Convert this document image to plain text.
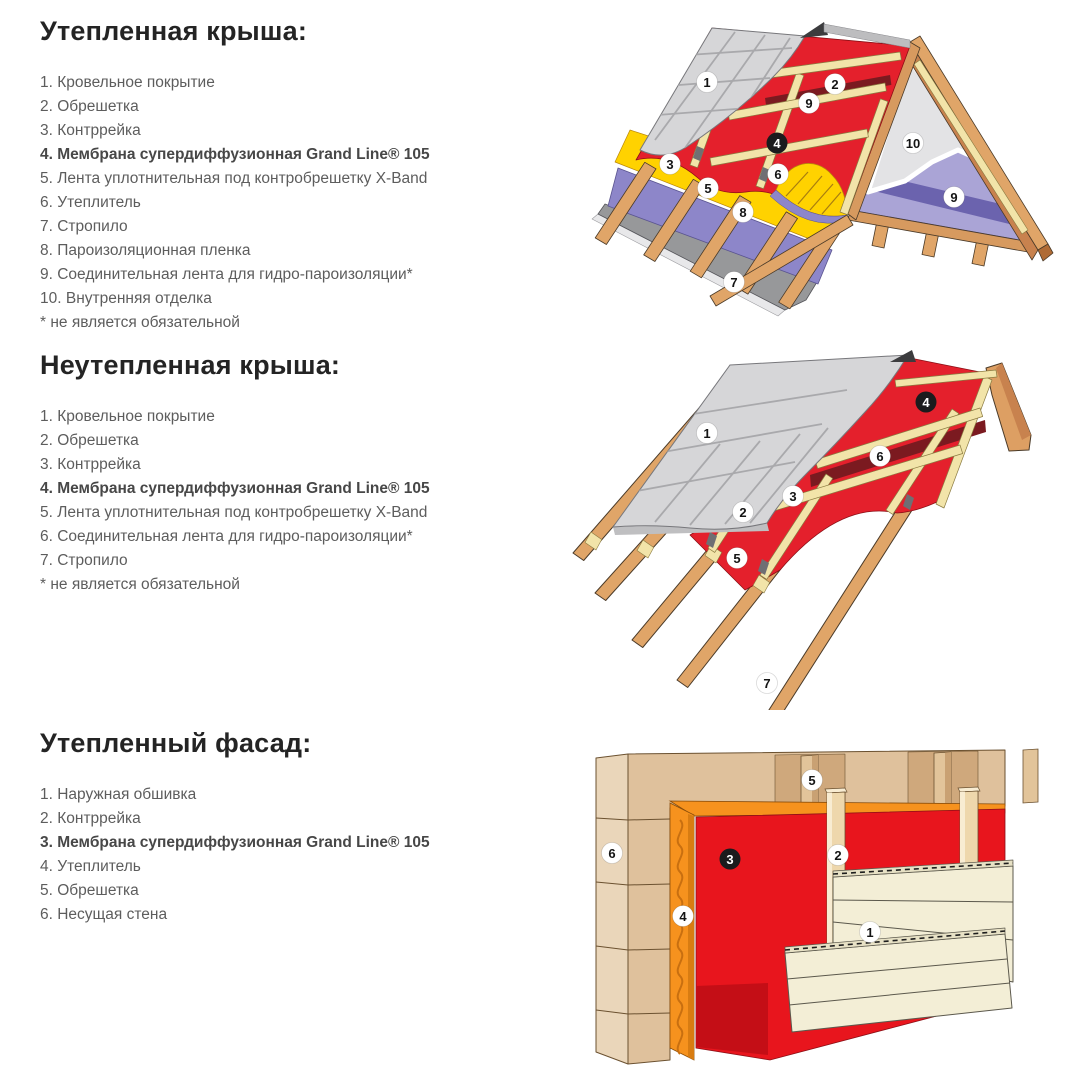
Утепленная крыша:
1. Кровельное покрытие
2. Обрешетка
3. Контррейка
4. Мембрана супердиффузионная Grand Line® 105
5. Лента уплотнительная под контробрешетку X-Band
6. Утеплитель
7. Стропило
8. Пароизоляционная пленка
9. Соединительная лента для гидро-пароизоляции*
10. Внутренняя отделка
* не является обязательной
Неутепленная крыша:
1. Кровельное покрытие
2. Обрешетка
3. Контррейка
4. Мембрана супердиффузионная Grand Line® 105
5. Лента уплотнительная под контробрешетку X-Band
6. Соединительная лента для гидро-пароизоляции*
7. Стропило
* не является обязательной
Утепленный фасад:
1. Наружная обшивка
2. Контррейка
3. Мембрана супердиффузионная Grand Line® 105
4. Утеплитель
5. Обрешетка
6. Несущая стена
1	2
9
4
3
6
5
8
10
9
7
1
4
6
3
2
5
7
5
6	3	2
4
1
